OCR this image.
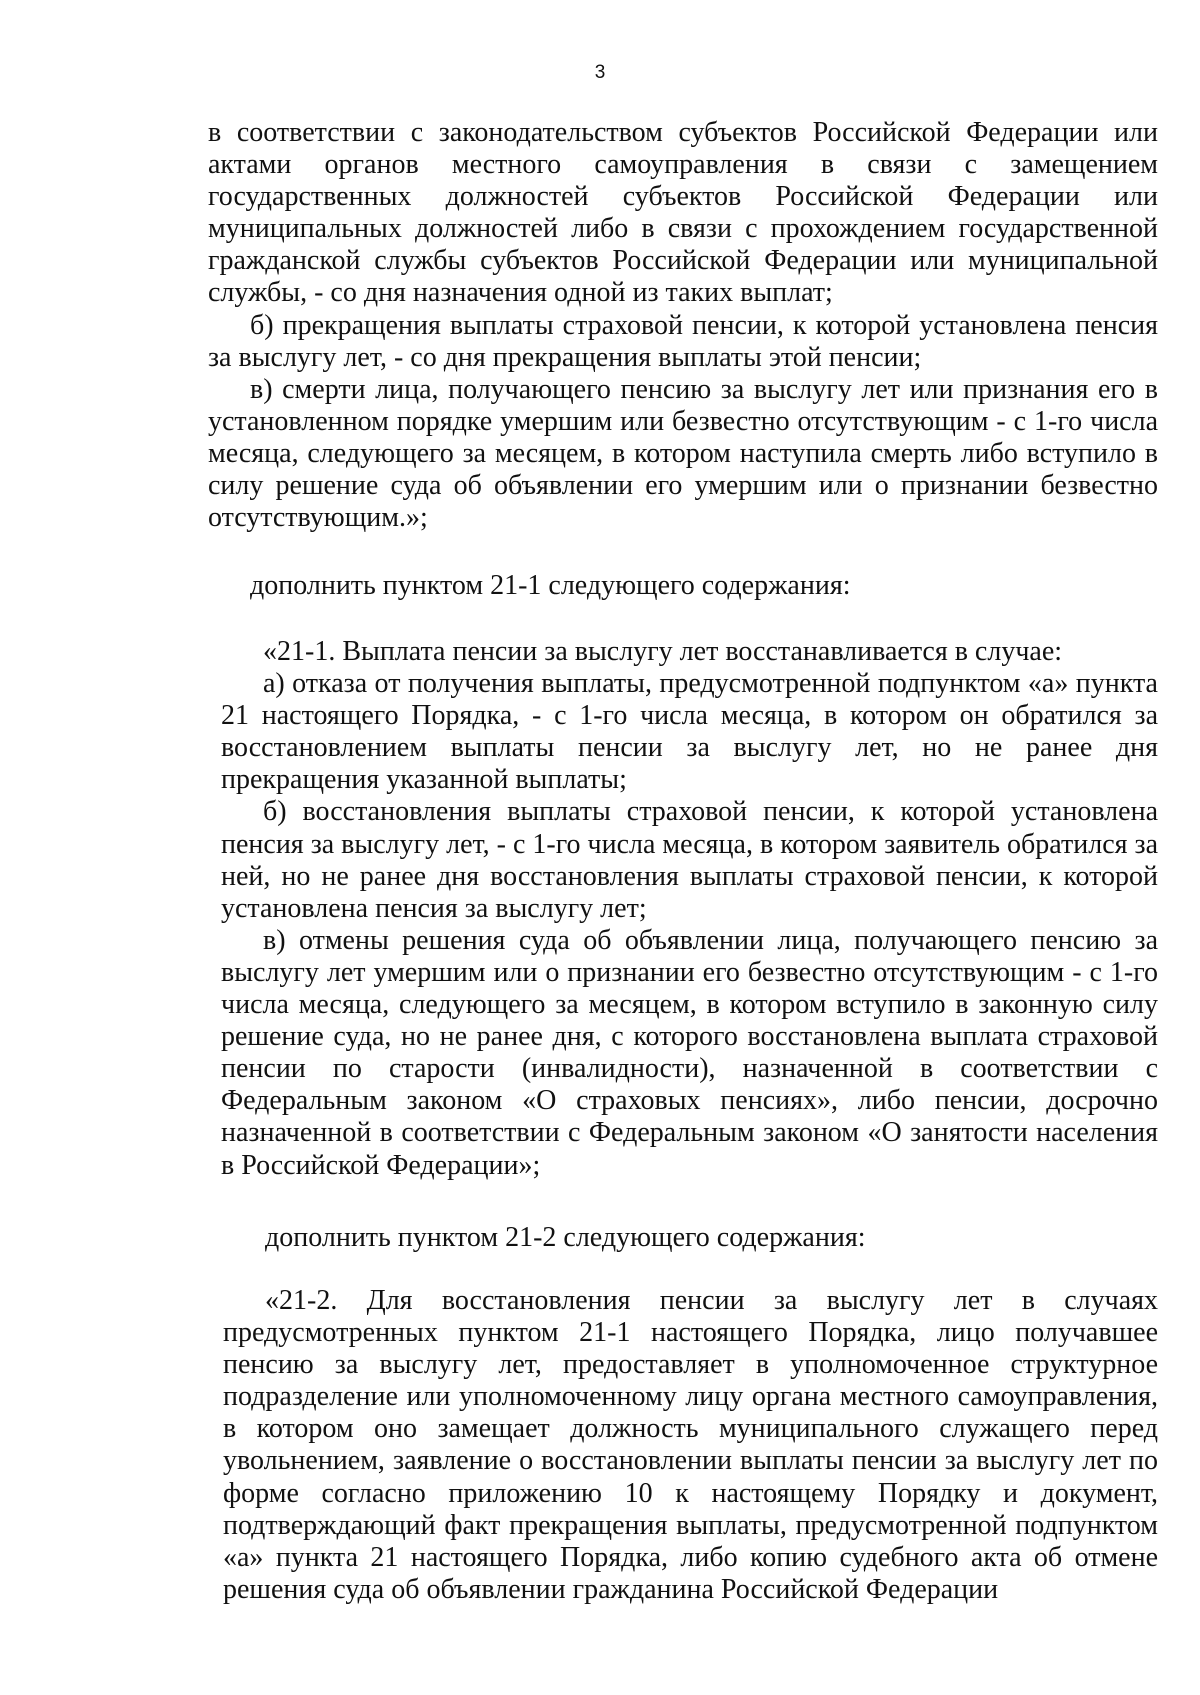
3

в соответствии с законодательством субъектов Российской Федерации или актами органов местного самоуправления в связи с замещением государственных должностей субъектов Российской Федерации или муниципальных должностей либо в связи с прохождением государственной гражданской службы субъектов Российской Федерации или муниципальной службы, - со дня назначения одной из таких выплат;

б) прекращения выплаты страховой пенсии, к которой установлена пенсия за выслугу лет, - со дня прекращения выплаты этой пенсии;

в) смерти лица, получающего пенсию за выслугу лет или признания его в установленном порядке умершим или безвестно отсутствующим - с 1-го числа месяца, следующего за месяцем, в котором наступила смерть либо вступило в силу решение суда об объявлении его умершим или о признании безвестно отсутствующим.»;

дополнить пунктом 21-1 следующего содержания:

«21-1. Выплата пенсии за выслугу лет восстанавливается в случае:

а) отказа от получения выплаты, предусмотренной подпунктом «а» пункта 21 настоящего Порядка, - с 1-го числа месяца, в котором он обратился за восстановлением выплаты пенсии за выслугу лет, но не ранее дня прекращения указанной выплаты;

б) восстановления выплаты страховой пенсии, к которой установлена пенсия за выслугу лет, - с 1-го числа месяца, в котором заявитель обратился за ней, но не ранее дня восстановления выплаты страховой пенсии, к которой установлена пенсия за выслугу лет;

в) отмены решения суда об объявлении лица, получающего пенсию за выслугу лет умершим или о признании его безвестно отсутствующим - с 1-го числа месяца, следующего за месяцем, в котором вступило в законную силу решение суда, но не ранее дня, с которого восстановлена выплата страховой пенсии по старости (инвалидности), назначенной в соответствии с Федеральным законом «О страховых пенсиях», либо пенсии, досрочно назначенной в соответствии с Федеральным законом «О занятости населения в Российской Федерации»;

дополнить пунктом 21-2 следующего содержания:

«21-2. Для восстановления пенсии за выслугу лет в случаях предусмотренных пунктом 21-1 настоящего Порядка, лицо получавшее пенсию за выслугу лет, предоставляет в уполномоченное структурное подразделение или уполномоченному лицу органа местного самоуправления, в котором оно замещает должность муниципального служащего перед увольнением, заявление о восстановлении выплаты пенсии за выслугу лет по форме согласно приложению 10 к настоящему Порядку и документ, подтверждающий факт прекращения выплаты, предусмотренной подпунктом «а» пункта 21 настоящего Порядка, либо копию судебного акта об отмене решения суда об объявлении гражданина Российской Федерации
